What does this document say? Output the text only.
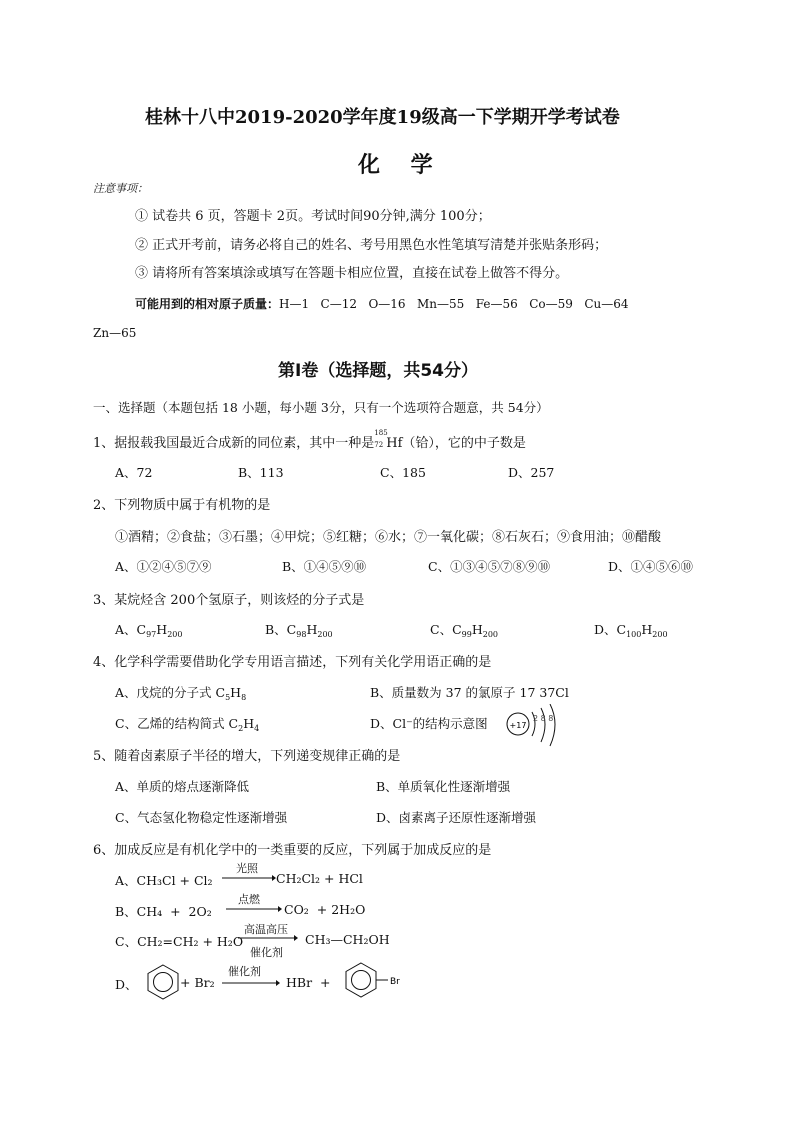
桂林十八中2019-2020学年度19级高一下学期开学考试卷
化    学
注意事项：
① 试卷共 6 页，答题卡 2页。考试时间90分钟,满分 100分；
② 正式开考前，请务必将自己的姓名、考号用黑色水性笔填写清楚并张贴条形码；
③ 请将所有答案填涂或填写在答题卡相应位置，直接在试卷上做答不得分。
可能用到的相对原子质量：H—1   C—12   O—16   Mn—55   Fe—56   Co—59   Cu—64
Zn—65
第Ⅰ卷（选择题，共54分）
一、选择题（本题包括 18 小题，每小题 3分，只有一个选项符合题意，共 54分）
1、据报载我国最近合成新的同位素，其中一种是
185
72 Hf（铪），它的中子数是
A、72	B、113	C、185	D、257
2、下列物质中属于有机物的是
①酒精；②食盐；③石墨；④甲烷；⑤红糖；⑥水；⑦一氧化碳；⑧石灰石；⑨食用油；⑩醋酸
A、①②④⑤⑦⑨	B、①④⑤⑨⑩	C、①③④⑤⑦⑧⑨⑩	D、①④⑤⑥⑩
3、某烷烃含 200个氢原子，则该烃的分子式是
A、$C_{97}H_{200}$	B、$C_{98}H_{200}$	C、$C_{99}H_{200}$	D、$C_{100}H_{200}$
4、化学科学需要借助化学专用语言描述，下列有关化学用语正确的是
A、戊烷的分子式 $C_5H_8$	B、质量数为 37 的氯原子 17 37Cl
C、乙烯的结构简式 $C_2H_4$	D、Cl⁻的结构示意图	+17
2 8 8
5、随着卤素原子半径的增大，下列递变规律正确的是
A、单质的熔点逐渐降低	B、单质氧化性逐渐增强
C、气态氢化物稳定性逐渐增强	D、卤素离子还原性逐渐增强
6、加成反应是有机化学中的一类重要的反应，下列属于加成反应的是
A、CH₃Cl + Cl₂
光照
CH₂Cl₂ + HCl
B、CH₄  +  2O₂
点燃
CO₂  + 2H₂O
C、CH₂=CH₂ + H₂O
高温高压
催化剂
CH₃—CH₂OH
D、	+ Br₂
催化剂
HBr  +	Br
